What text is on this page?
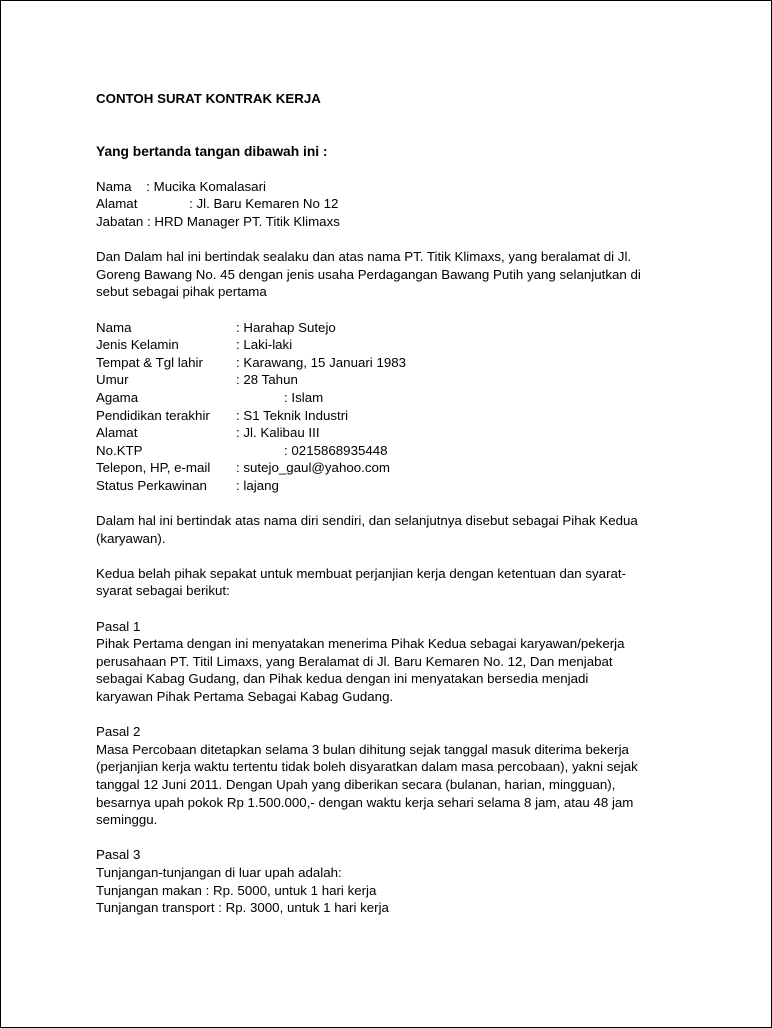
CONTOH SURAT KONTRAK KERJA
Yang bertanda tangan dibawah ini :
Nama    : Mucika Komalasari
Alamat              : Jl. Baru Kemaren No 12
Jabatan : HRD Manager PT. Titik Klimaxs
Dan Dalam hal ini bertindak sealaku dan atas nama PT. Titik Klimaxs, yang beralamat di Jl.
Goreng Bawang No. 45 dengan jenis usaha Perdagangan Bawang Putih yang selanjutkan di
sebut sebagai pihak pertama
Nama	: Harahap Sutejo
Jenis Kelamin	: Laki-laki
Tempat & Tgl lahir : Karawang, 15 Januari 1983
Umur	: 28 Tahun
Agama	: Islam
Pendidikan terakhir : S1 Teknik Industri
Alamat	: Jl. Kalibau III
No.KTP	: 0215868935448
Telepon, HP, e-mail : sutejo_gaul@yahoo.com
Status Perkawinan : lajang
Dalam hal ini bertindak atas nama diri sendiri, dan selanjutnya disebut sebagai Pihak Kedua
(karyawan).
Kedua belah pihak sepakat untuk membuat perjanjian kerja dengan ketentuan dan syarat-
syarat sebagai berikut:
Pasal 1
Pihak Pertama dengan ini menyatakan menerima Pihak Kedua sebagai karyawan/pekerja
perusahaan PT. Titil Limaxs, yang Beralamat di Jl. Baru Kemaren No. 12, Dan menjabat
sebagai Kabag Gudang, dan Pihak kedua dengan ini menyatakan bersedia menjadi
karyawan Pihak Pertama Sebagai Kabag Gudang.
Pasal 2
Masa Percobaan ditetapkan selama 3 bulan dihitung sejak tanggal masuk diterima bekerja
(perjanjian kerja waktu tertentu tidak boleh disyaratkan dalam masa percobaan), yakni sejak
tanggal 12 Juni 2011. Dengan Upah yang diberikan secara (bulanan, harian, mingguan),
besarnya upah pokok Rp 1.500.000,- dengan waktu kerja sehari selama 8 jam, atau 48 jam
seminggu.
Pasal 3
Tunjangan-tunjangan di luar upah adalah:
Tunjangan makan : Rp. 5000, untuk 1 hari kerja
Tunjangan transport : Rp. 3000, untuk 1 hari kerja
